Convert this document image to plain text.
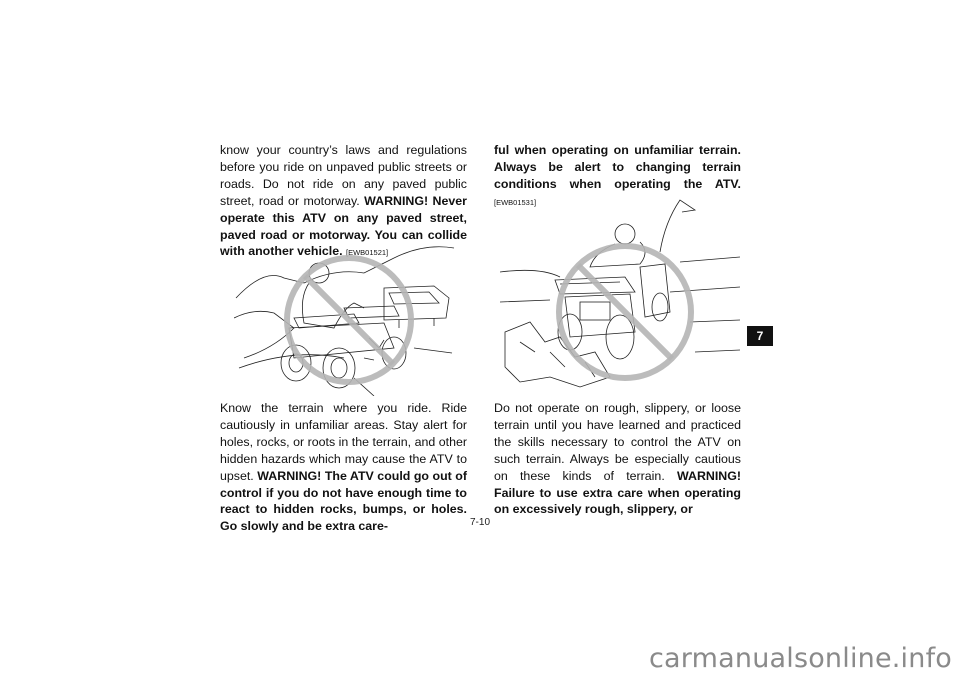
know your country’s laws and regulations before you ride on unpaved public streets or roads. Do not ride on any paved public street, road or motorway. WARNING! Never operate this ATV on any paved street, paved road or motorway. You can collide with another vehicle. [EWB01521]

Know the terrain where you ride. Ride cautiously in unfamiliar areas. Stay alert for holes, rocks, or roots in the terrain, and other hidden hazards which may cause the ATV to upset. WARNING! The ATV could go out of control if you do not have enough time to react to hidden rocks, bumps, or holes. Go slowly and be extra care-

ful when operating on unfamiliar terrain. Always be alert to changing terrain conditions when operating the ATV. [EWB01531]

Do not operate on rough, slippery, or loose terrain until you have learned and practiced the skills necessary to control the ATV on such terrain. Always be especially cautious on these kinds of terrain. WARNING! Failure to use extra care when operating on excessively rough, slippery, or

7
7-10
carmanualsonline.info
